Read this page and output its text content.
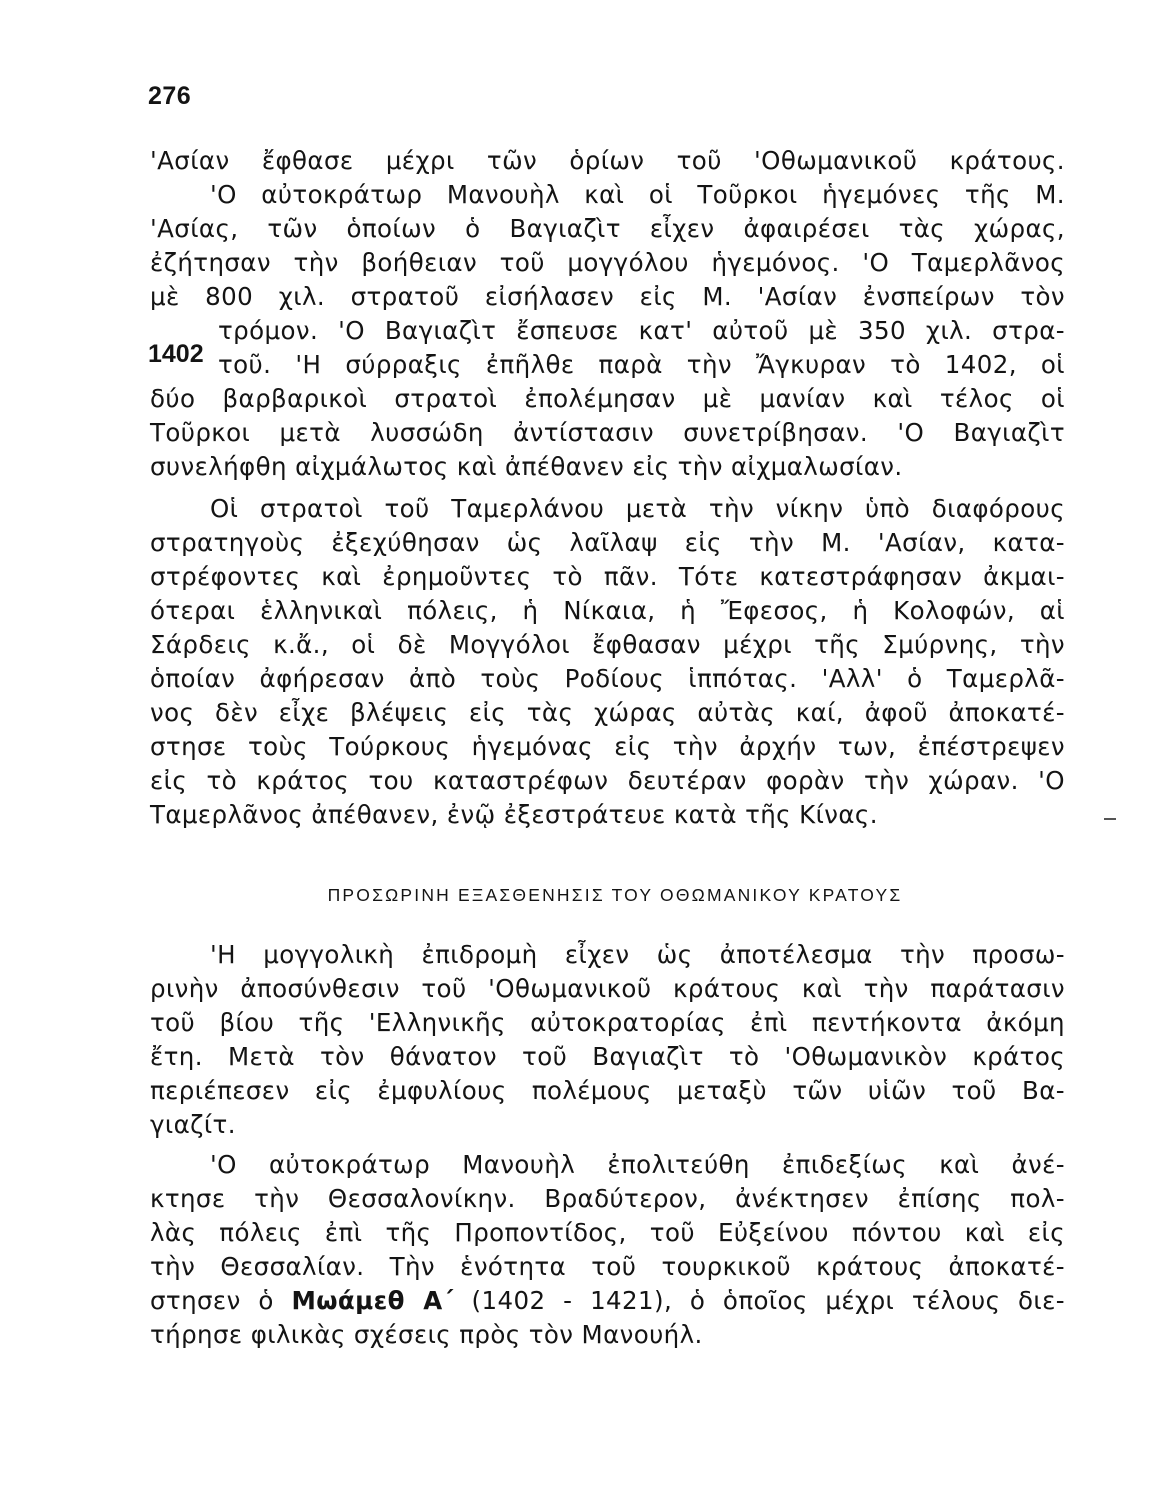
276
1402
'Ασίαν ἔφθασε μέχρι τῶν ὁρίων τοῦ 'Οθωμανικοῦ κράτους.
'Ο αὐτοκράτωρ Μανουὴλ καὶ οἱ Τοῦρκοι ἡγεμόνες τῆς Μ.
'Ασίας, τῶν ὁποίων ὁ Βαγιαζὶτ εἶχεν ἀφαιρέσει τὰς χώρας,
ἐζήτησαν τὴν βοήθειαν τοῦ μογγόλου ἡγεμόνος. 'Ο Ταμερλᾶνος
μὲ 800 χιλ. στρατοῦ εἰσήλασεν εἰς Μ. 'Ασίαν ἐνσπείρων τὸν
τρόμον. 'Ο Βαγιαζὶτ ἔσπευσε κατ' αὐτοῦ μὲ 350 χιλ. στρα-
τοῦ. 'Η σύρραξις ἐπῆλθε παρὰ τὴν Ἄγκυραν τὸ 1402, οἱ
δύο βαρβαρικοὶ στρατοὶ ἐπολέμησαν μὲ μανίαν καὶ τέλος οἱ
Τοῦρκοι μετὰ λυσσώδη ἀντίστασιν συνετρίβησαν. 'Ο Βαγιαζὶτ
συνελήφθη αἰχμάλωτος καὶ ἀπέθανεν εἰς τὴν αἰχμαλωσίαν.
Οἱ στρατοὶ τοῦ Ταμερλάνου μετὰ τὴν νίκην ὑπὸ διαφόρους
στρατηγοὺς ἐξεχύθησαν ὡς λαῖλαψ εἰς τὴν Μ. 'Ασίαν, κατα-
στρέφοντες καὶ ἐρημοῦντες τὸ πᾶν. Τότε κατεστράφησαν ἀκμαι-
ότεραι ἑλληνικαὶ πόλεις, ἡ Νίκαια, ἡ Ἔφεσος, ἡ Κολοφών, αἱ
Σάρδεις κ.ἄ., οἱ δὲ Μογγόλοι ἔφθασαν μέχρι τῆς Σμύρνης, τὴν
ὁποίαν ἀφήρεσαν ἀπὸ τοὺς Ροδίους ἱππότας. 'Αλλ' ὁ Ταμερλᾶ-
νος δὲν εἶχε βλέψεις εἰς τὰς χώρας αὐτὰς καί, ἀφοῦ ἀποκατέ-
στησε τοὺς Τούρκους ἡγεμόνας εἰς τὴν ἀρχήν των, ἐπέστρεψεν
εἰς τὸ κράτος του καταστρέφων δευτέραν φορὰν τὴν χώραν. 'Ο
Ταμερλᾶνος ἀπέθανεν, ἐνῷ ἐξεστράτευε κατὰ τῆς Κίνας.
ΠΡΟΣΩΡΙΝΗ ΕΞΑΣΘΕΝΗΣΙΣ ΤΟΥ ΟΘΩΜΑΝΙΚΟΥ ΚΡΑΤΟΥΣ
'Η μογγολικὴ ἐπιδρομὴ εἶχεν ὡς ἀποτέλεσμα τὴν προσω-
ρινὴν ἀποσύνθεσιν τοῦ 'Οθωμανικοῦ κράτους καὶ τὴν παράτασιν
τοῦ βίου τῆς 'Ελληνικῆς αὐτοκρατορίας ἐπὶ πεντήκοντα ἀκόμη
ἔτη. Μετὰ τὸν θάνατον τοῦ Βαγιαζὶτ τὸ 'Οθωμανικὸν κράτος
περιέπεσεν εἰς ἐμφυλίους πολέμους μεταξὺ τῶν υἱῶν τοῦ Βα-
γιαζίτ.
'Ο αὐτοκράτωρ Μανουὴλ ἐπολιτεύθη ἐπιδεξίως καὶ ἀνέ-
κτησε τὴν Θεσσαλονίκην. Βραδύτερον, ἀνέκτησεν ἐπίσης πολ-
λὰς πόλεις ἐπὶ τῆς Προποντίδος, τοῦ Εὐξείνου πόντου καὶ εἰς
τὴν Θεσσαλίαν. Τὴν ἑνότητα τοῦ τουρκικοῦ κράτους ἀποκατέ-
στησεν ὁ Μωάμεθ Α΄ (1402 - 1421), ὁ ὁποῖος μέχρι τέλους διε-
τήρησε φιλικὰς σχέσεις πρὸς τὸν Μανουήλ.
